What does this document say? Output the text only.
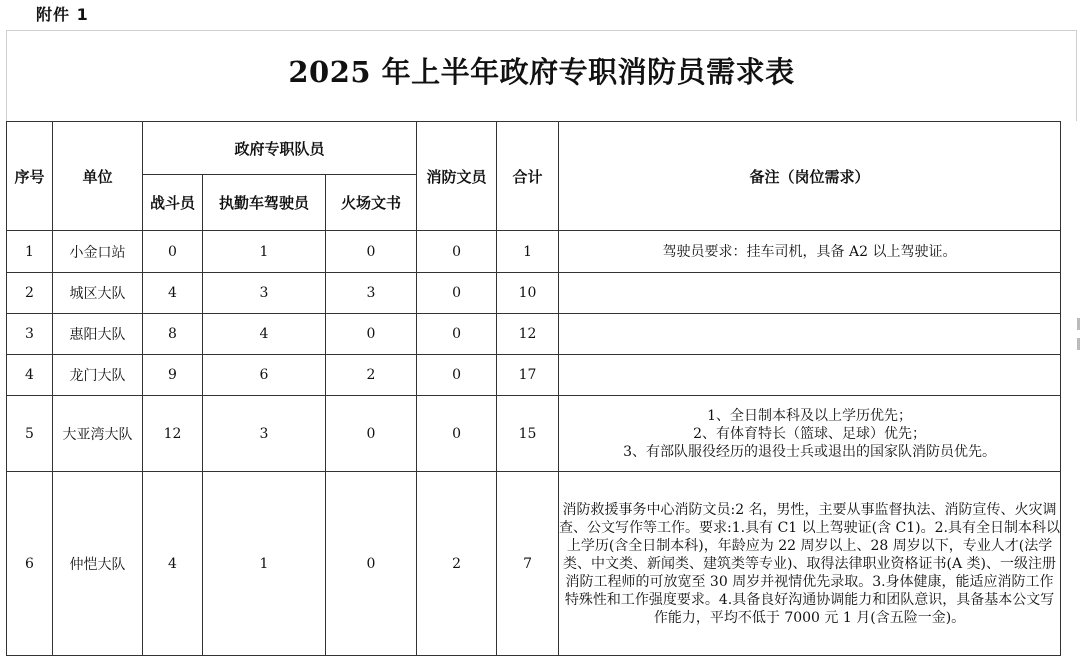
附件 1
2025 年上半年政府专职消防员需求表
序号	单位	政府专职队员			消防文员	合计	备注（岗位需求）
		战斗员	执勤车驾驶员	火场文书			
1	小金口站	0	1	0	0	1	驾驶员要求：挂车司机，具备 A2 以上驾驶证。

2	城区大队	4	3	3	0	10	
3	惠阳大队	8	4	0	0	12	
4	龙门大队	9	6	2	0	17	
5	大亚湾大队	12	3	0	0	15	1、全日制本科及以上学历优先；
2、有体育特长（篮球、足球）优先；
3、有部队服役经历的退役士兵或退出的国家队消防员优先。

6	仲恺大队	4	1	0	2	7	消防救援事务中心消防文员:2 名，男性，主要从事监督执法、消防宣传、火灾调查、公文写作等工作。要求:1.具有 C1 以上驾驶证(含 C1)。2.具有全日制本科以上学历(含全日制本科)，年龄应为 22 周岁以上、28 周岁以下，专业人才(法学类、中文类、新闻类、建筑类等专业)、取得法律职业资格证书(A 类)、一级注册消防工程师的可放宽至 30 周岁并视情优先录取。3.身体健康，能适应消防工作特殊性和工作强度要求。4.具备良好沟通协调能力和团队意识，具备基本公文写作能力，平均不低于 7000 元 1 月(含五险一金)。
